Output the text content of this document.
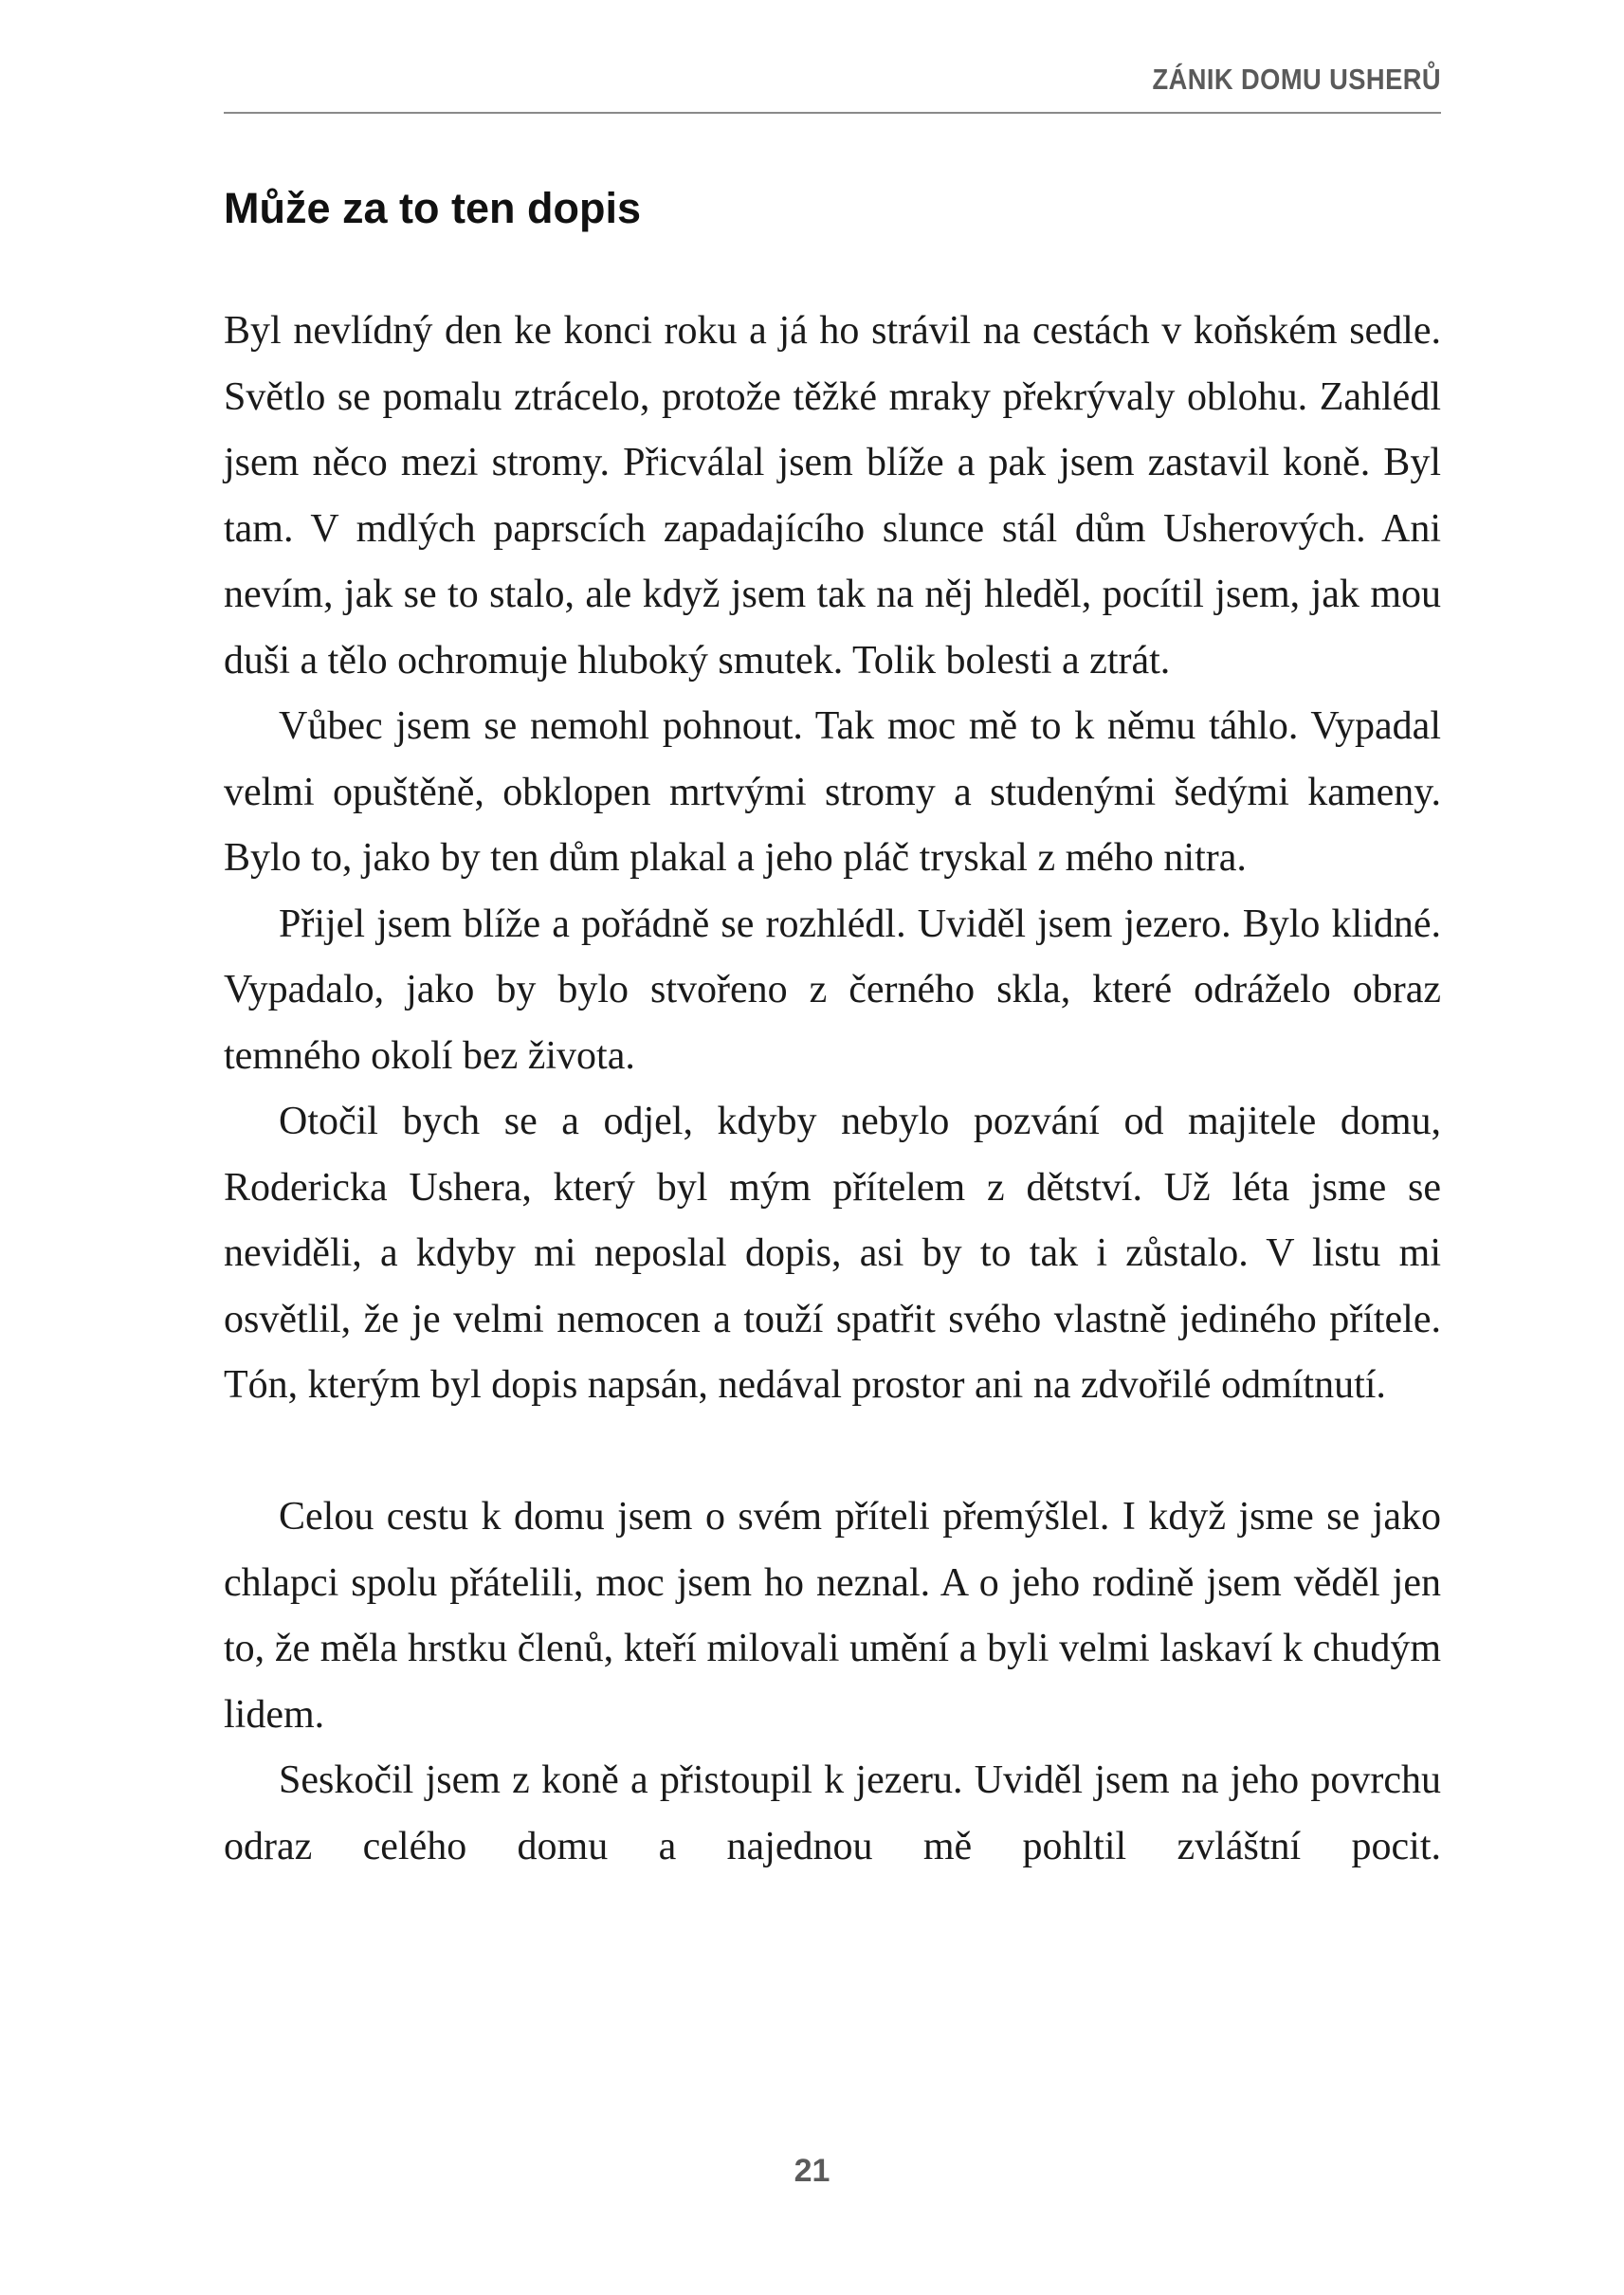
ZÁNIK DOMU USHERŮ
Může za to ten dopis

Byl nevlídný den ke konci roku a já ho strávil na cestách v koňském sedle. Světlo se pomalu ztrácelo, protože těžké mraky překrývaly oblohu. Zahlédl jsem něco mezi stromy. Přicválal jsem blíže a pak jsem zastavil koně. Byl tam. V mdlých paprscích zapadajícího slunce stál dům Usherových. Ani nevím, jak se to stalo, ale když jsem tak na něj hleděl, pocítil jsem, jak mou duši a tělo ochromuje hluboký smutek. Tolik bolesti a ztrát.

Vůbec jsem se nemohl pohnout. Tak moc mě to k němu táhlo. Vypadal velmi opuštěně, obklopen mrtvými stromy a studenými šedými kameny. Bylo to, jako by ten dům plakal a jeho pláč tryskal z mého nitra.

Přijel jsem blíže a pořádně se rozhlédl. Uviděl jsem jezero. Bylo klidné. Vypadalo, jako by bylo stvořeno z černého skla, které odráželo obraz temného okolí bez života.

Otočil bych se a odjel, kdyby nebylo pozvání od majitele domu, Rodericka Ushera, který byl mým přítelem z dětství. Už léta jsme se neviděli, a kdyby mi neposlal dopis, asi by to tak i zůstalo. V listu mi osvětlil, že je velmi nemocen a touží spatřit svého vlastně jediného přítele. Tón, kterým byl dopis napsán, nedával prostor ani na zdvořilé odmítnutí.

Celou cestu k domu jsem o svém příteli přemýšlel. I když jsme se jako chlapci spolu přátelili, moc jsem ho neznal. A o jeho rodině jsem věděl jen to, že měla hrstku členů, kteří milovali umění a byli velmi laskaví k chudým lidem.

Seskočil jsem z koně a přistoupil k jezeru. Uviděl jsem na jeho povrchu odraz celého domu a najednou mě pohltil zvláštní pocit.

21
